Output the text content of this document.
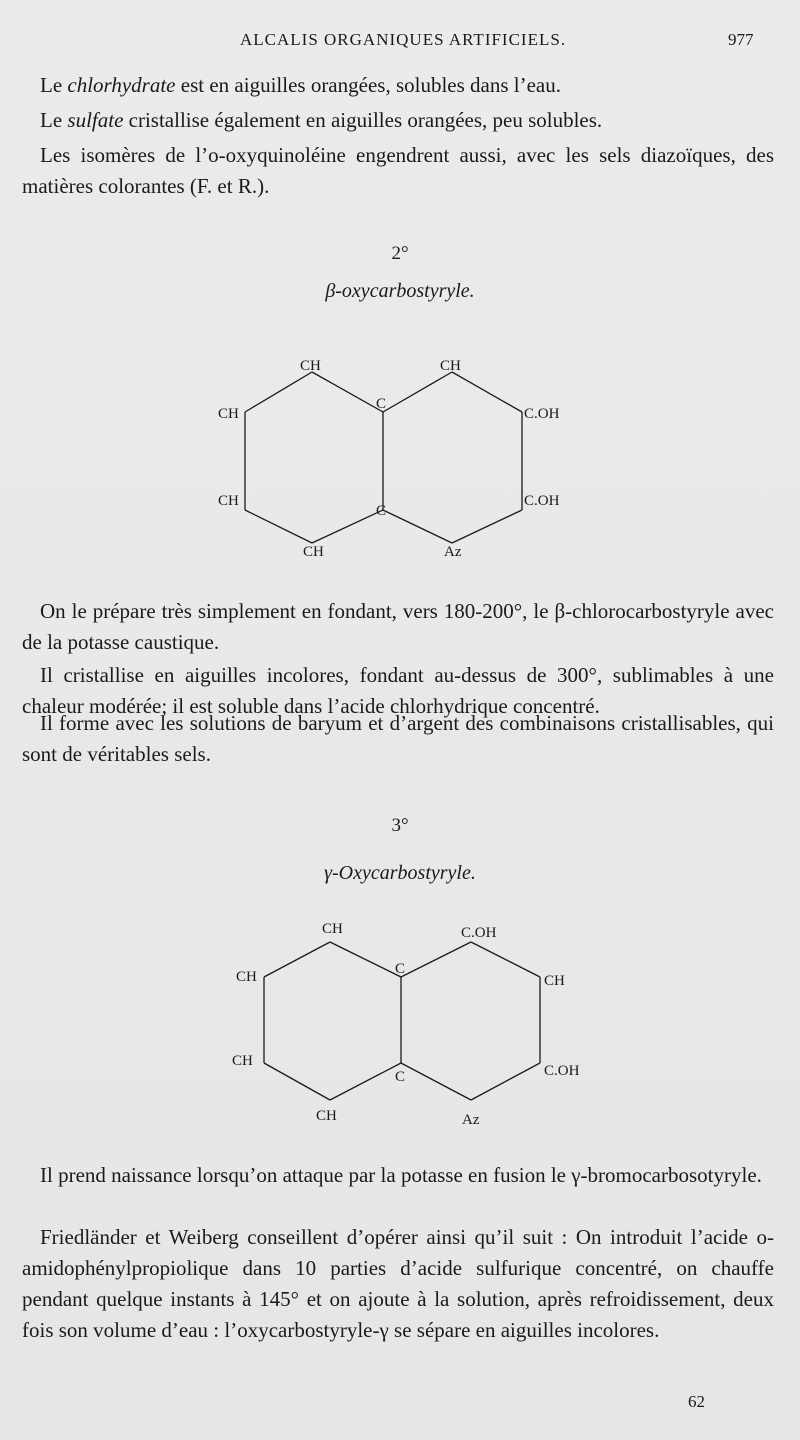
ALCALIS ORGANIQUES ARTIFICIELS.	977

Le chlorhydrate est en aiguilles orangées, solubles dans l’eau.

Le sulfate cristallise également en aiguilles orangées, peu solubles.

Les isomères de l’o-oxyquinoléine engendrent aussi, avec les sels diazoïques, des matières colorantes (F. et R.).

2°

β-oxycarbostyryle.

CH	CH
CH
C
C.OH
CH	C.OH
C
CH	Az

On le prépare très simplement en fondant, vers 180-200°, le β-chlorocarbostyryle avec de la potasse caustique.

Il cristallise en aiguilles incolores, fondant au-dessus de 300°, sublimables à une chaleur modérée; il est soluble dans l’acide chlorhydrique concentré.

Il forme avec les solutions de baryum et d’argent des combinaisons cristallisables, qui sont de véritables sels.

3°

γ-Oxycarbostyryle.

CH	C.OH
CH	C
CH
CH
C.OH
C
CH	Az

Il prend naissance lorsqu’on attaque par la potasse en fusion le γ-bromocarbosotyryle.

Friedländer et Weiberg conseillent d’opérer ainsi qu’il suit : On introduit l’acide o-amidophénylpropiolique dans 10 parties d’acide sulfurique concentré, on chauffe pendant quelque instants à 145° et on ajoute à la solution, après refroidissement, deux fois son volume d’eau : l’oxycarbostyryle-γ se sépare en aiguilles incolores.

62
